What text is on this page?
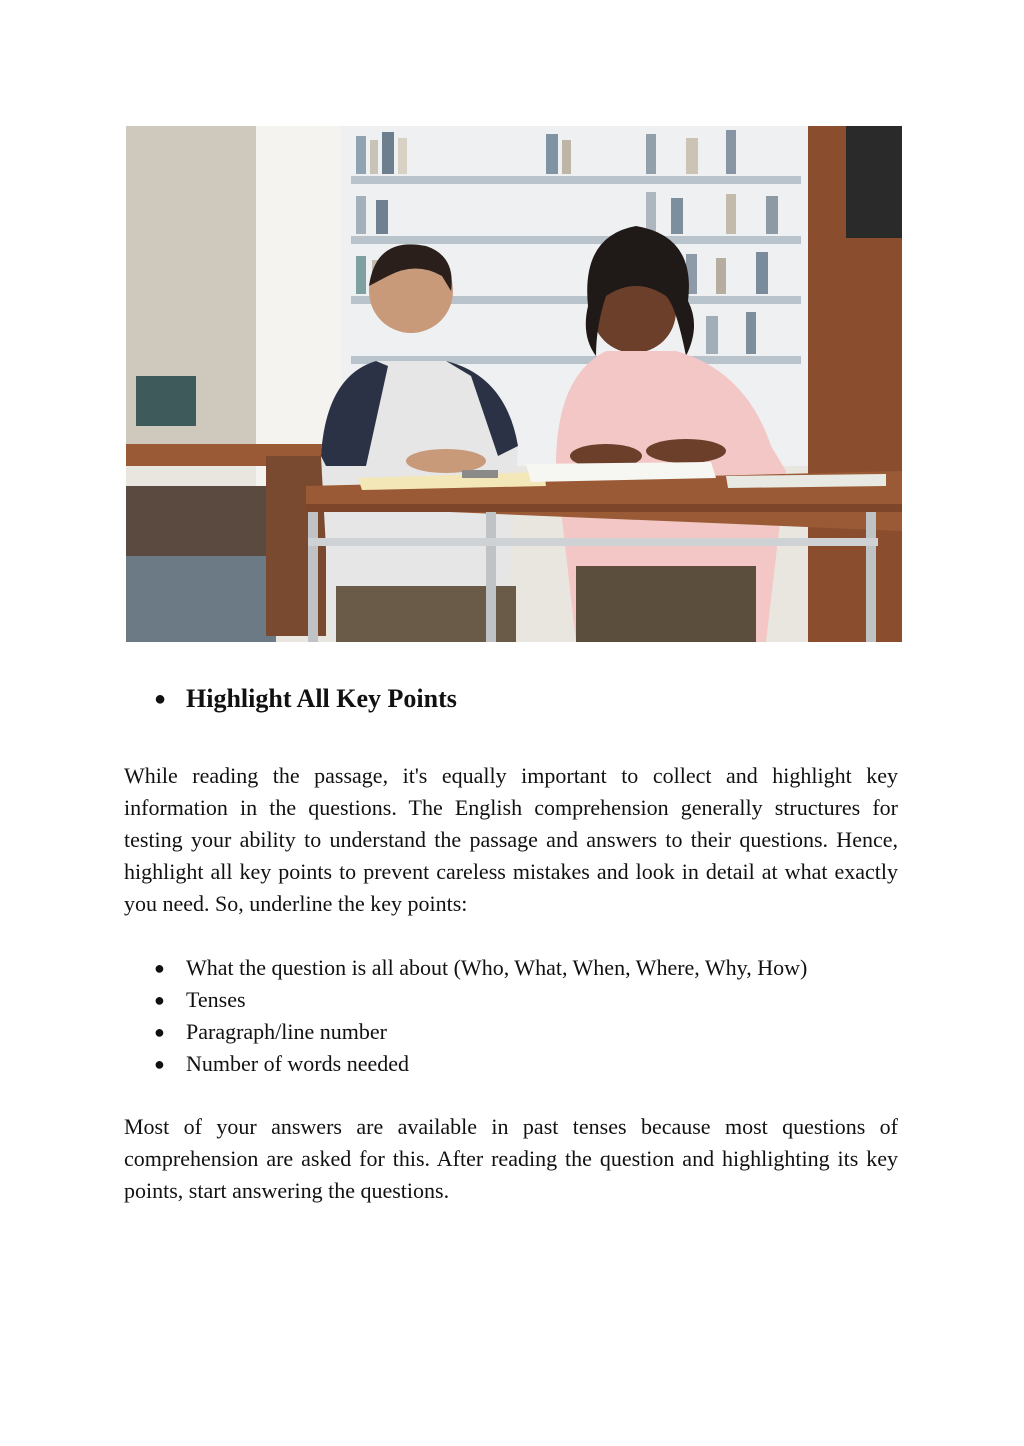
● Highlight All Key Points

While reading the passage, it's equally important to collect and highlight key information in the questions. The English comprehension generally structures for testing your ability to understand the passage and answers to their questions. Hence, highlight all key points to prevent careless mistakes and look in detail at what exactly you need. So, underline the key points:

● What the question is all about (Who, What, When, Where, Why, How)
● Tenses
● Paragraph/line number
● Number of words needed

Most of your answers are available in past tenses because most questions of comprehension are asked for this. After reading the question and highlighting its key points, start answering the questions.
